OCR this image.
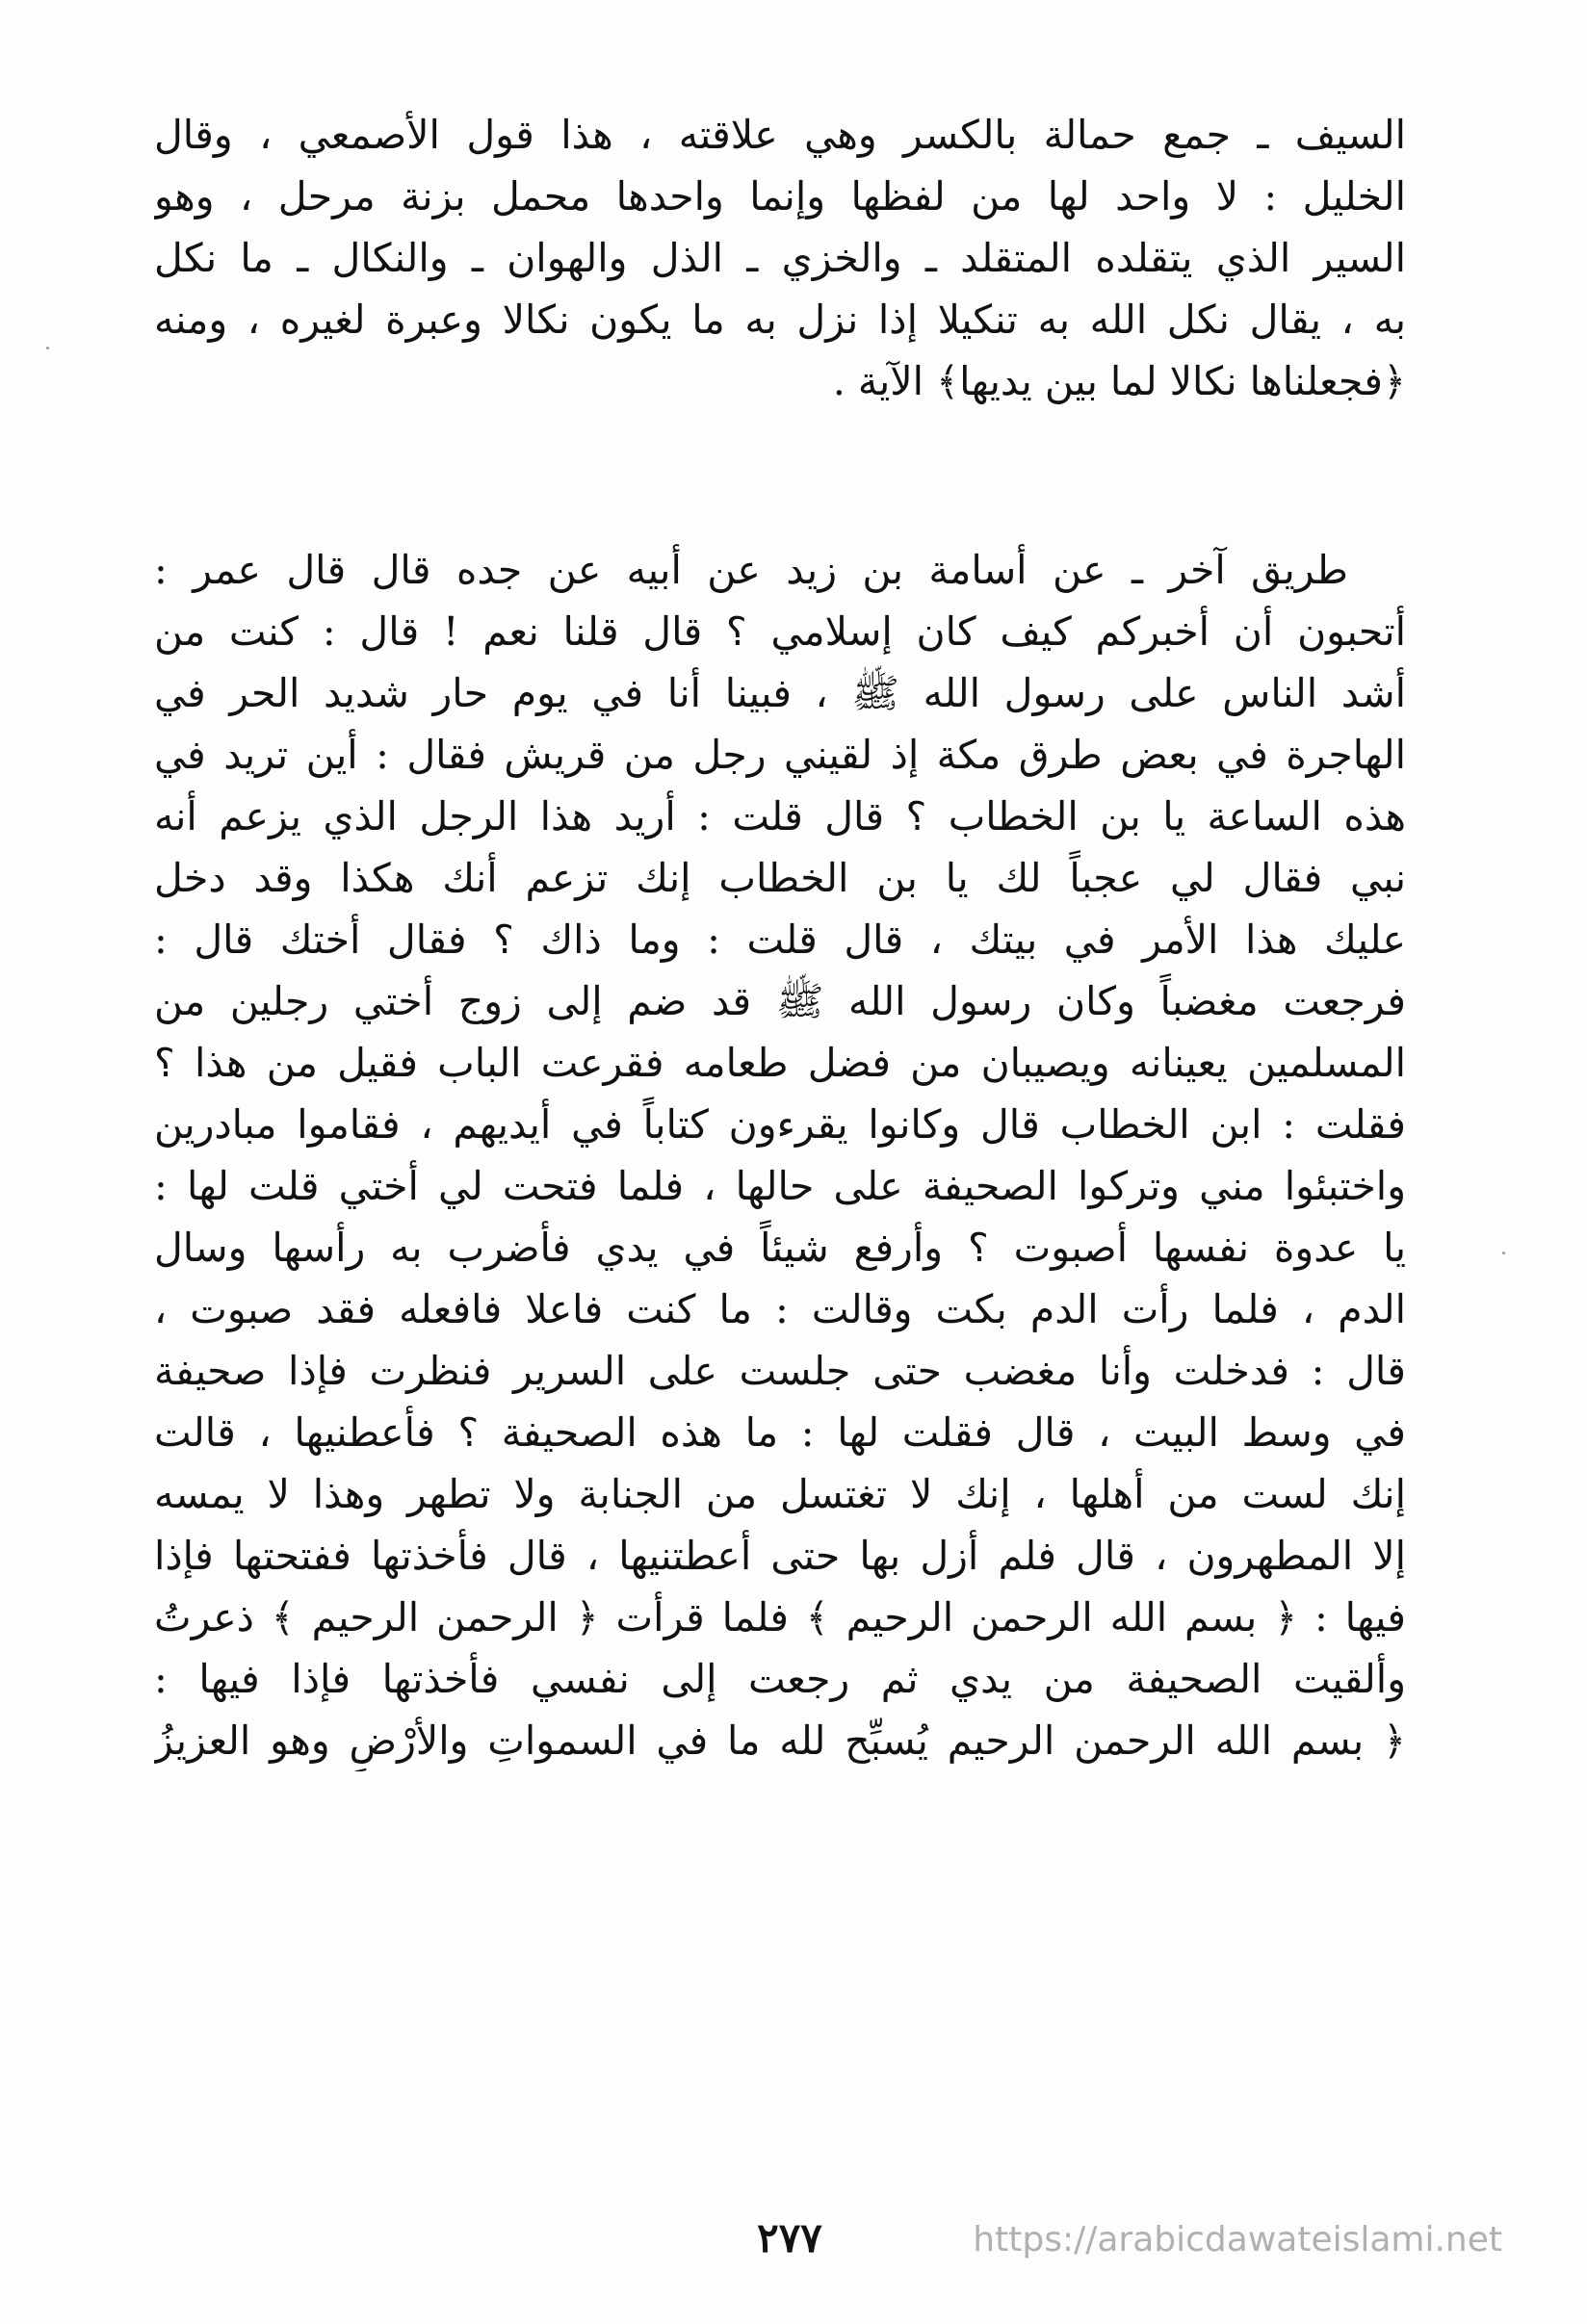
السيف ـ جمع حمالة بالكسر وهي علاقته ، هذا قول الأصمعي ، وقال
الخليل : لا واحد لها من لفظها وإنما واحدها محمل بزنة مرحل ، وهو
السير الذي يتقلده المتقلد ـ والخزي ـ الذل والهوان ـ والنكال ـ ما نكل
به ، يقال نكل الله به تنكيلا إذا نزل به ما يكون نكالا وعبرة لغيره ، ومنه
﴿فجعلناها نكالا لما بين يديها﴾ الآية .
طريق آخر ـ عن أسامة بن زيد عن أبيه عن جده قال قال عمر :
أتحبون أن أخبركم كيف كان إسلامي ؟ قال قلنا نعم ! قال : كنت من
أشد الناس على رسول الله ﷺ ، فبينا أنا في يوم حار شديد الحر في
الهاجرة في بعض طرق مكة إذ لقيني رجل من قريش فقال : أين تريد في
هذه الساعة يا بن الخطاب ؟ قال قلت : أريد هذا الرجل الذي يزعم أنه
نبي فقال لي عجباً لك يا بن الخطاب إنك تزعم أنك هكذا وقد دخل
عليك هذا الأمر في بيتك ، قال قلت : وما ذاك ؟ فقال أختك قال :
فرجعت مغضباً وكان رسول الله ﷺ قد ضم إلى زوج أختي رجلين من
المسلمين يعينانه ويصيبان من فضل طعامه فقرعت الباب فقيل من هذا ؟
فقلت : ابن الخطاب قال وكانوا يقرءون كتاباً في أيديهم ، فقاموا مبادرين
واختبئوا مني وتركوا الصحيفة على حالها ، فلما فتحت لي أختي قلت لها :
يا عدوة نفسها أصبوت ؟ وأرفع شيئاً في يدي فأضرب به رأسها وسال
الدم ، فلما رأت الدم بكت وقالت : ما كنت فاعلا فافعله فقد صبوت ،
قال : فدخلت وأنا مغضب حتى جلست على السرير فنظرت فإذا صحيفة
في وسط البيت ، قال فقلت لها : ما هذه الصحيفة ؟ فأعطنيها ، قالت
إنك لست من أهلها ، إنك لا تغتسل من الجنابة ولا تطهر وهذا لا يمسه
إلا المطهرون ، قال فلم أزل بها حتى أعطتنيها ، قال فأخذتها ففتحتها فإذا
فيها : ﴿ بسم الله الرحمن الرحيم ﴾ فلما قرأت ﴿ الرحمن الرحيم ﴾ ذعرتُ
وألقيت الصحيفة من يدي ثم رجعت إلى نفسي فأخذتها فإذا فيها :
﴿ بسم الله الرحمن الرحيم يُسبِّح لله ما في السمواتِ والأرْضِ وهو العزيزُ
٢٧٧	https://arabicdawateislami.net
